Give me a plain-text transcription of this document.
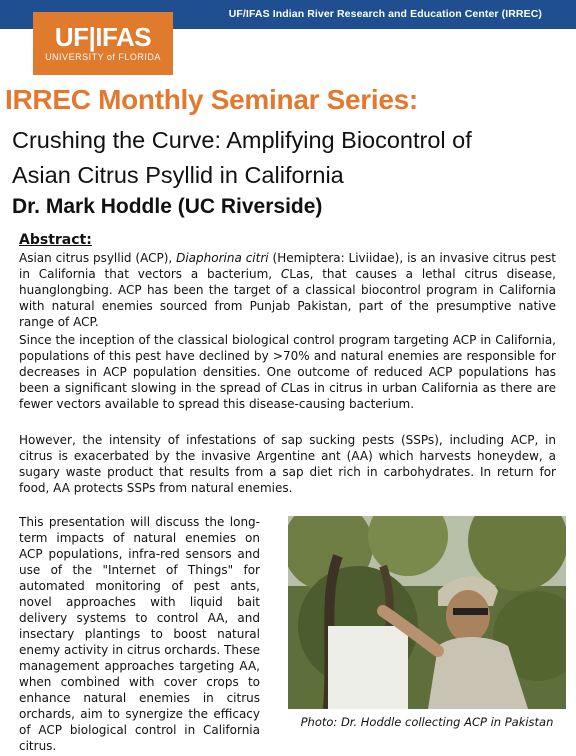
UF/IFAS Indian River Research and Education Center (IRREC)
UF|IFAS
UNIVERSITY of FLORIDA
IRREC Monthly Seminar Series:
Crushing the Curve: Amplifying Biocontrol of
Asian Citrus Psyllid in California
Dr. Mark Hoddle (UC Riverside)
Abstract:

Asian citrus psyllid (ACP), Diaphorina citri (Hemiptera: Liviidae), is an invasive citrus pest in California that vectors a bacterium, CLas, that causes a lethal citrus disease, huanglongbing. ACP has been the target of a classical biocontrol program in California with natural enemies sourced from Punjab Pakistan, part of the presumptive native range of ACP.

Since the inception of the classical biological control program targeting ACP in California, populations of this pest have declined by >70% and natural enemies are responsible for decreases in ACP population densities. One outcome of reduced ACP populations has been a significant slowing in the spread of CLas in citrus in urban California as there are fewer vectors available to spread this disease-causing bacterium.

However, the intensity of infestations of sap sucking pests (SSPs), including ACP, in citrus is exacerbated by the invasive Argentine ant (AA) which harvests honeydew, a sugary waste product that results from a sap diet rich in carbohydrates. In return for food, AA protects SSPs from natural enemies.

This presentation will discuss the long-term impacts of natural enemies on ACP populations, infra-red sensors and use of the "Internet of Things" for automated monitoring of pest ants, novel approaches with liquid bait delivery systems to control AA, and insectary plantings to boost natural enemy activity in citrus orchards. These management approaches targeting AA, when combined with cover crops to enhance natural enemies in citrus orchards, aim to synergize the efficacy of ACP biological control in California citrus.

Photo: Dr. Hoddle collecting ACP in Pakistan
